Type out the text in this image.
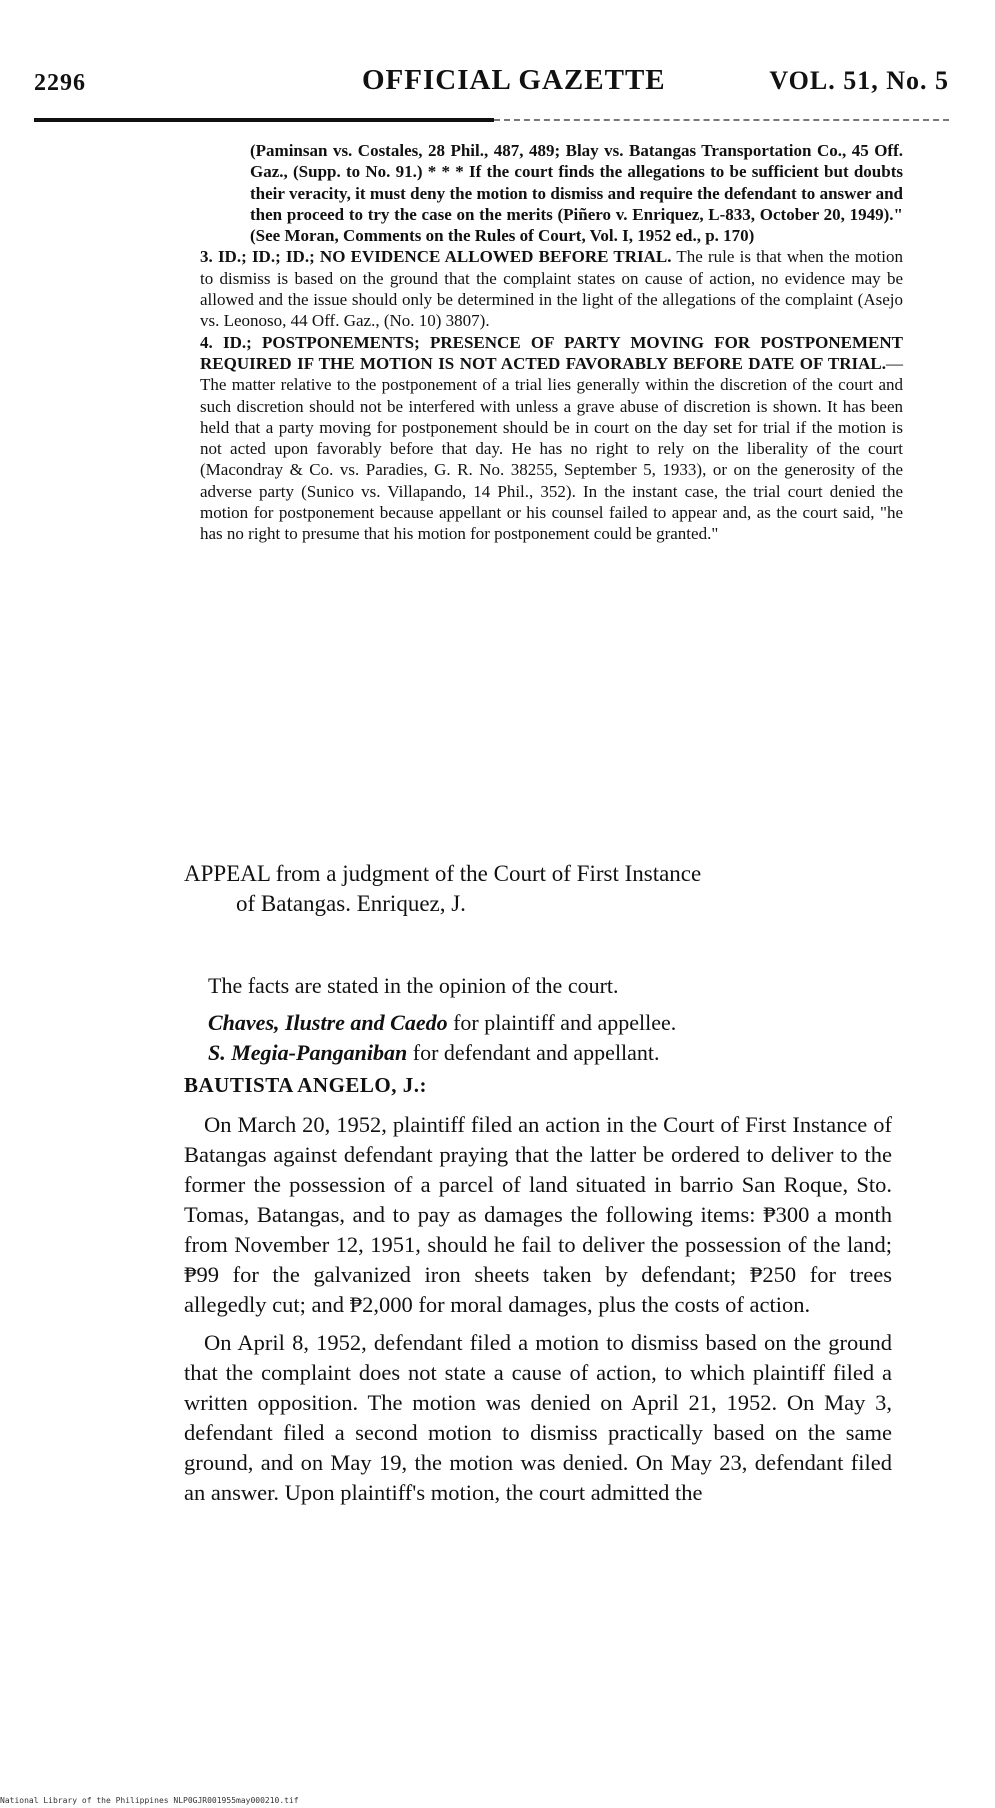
2296	OFFICIAL GAZETTE	VOL. 51, No. 5

(Paminsan vs. Costales, 28 Phil., 487, 489; Blay vs. Batangas Transportation Co., 45 Off. Gaz., (Supp. to No. 91.) * * * If the court finds the allegations to be sufficient but doubts their veracity, it must deny the motion to dismiss and require the defendant to answer and then proceed to try the case on the merits (Piñero v. Enriquez, L-833, October 20, 1949)." (See Moran, Comments on the Rules of Court, Vol. I, 1952 ed., p. 170)

3. ID.; ID.; ID.; NO EVIDENCE ALLOWED BEFORE TRIAL. The rule is that when the motion to dismiss is based on the ground that the complaint states on cause of action, no evidence may be allowed and the issue should only be determined in the light of the allegations of the complaint (Asejo vs. Leonoso, 44 Off. Gaz., (No. 10) 3807).

4. ID.; POSTPONEMENTS; PRESENCE OF PARTY MOVING FOR POSTPONEMENT REQUIRED IF THE MOTION IS NOT ACTED FAVORABLY BEFORE DATE OF TRIAL.—The matter relative to the postponement of a trial lies generally within the discretion of the court and such discretion should not be interfered with unless a grave abuse of discretion is shown. It has been held that a party moving for postponement should be in court on the day set for trial if the motion is not acted upon favorably before that day. He has no right to rely on the liberality of the court (Macondray & Co. vs. Paradies, G. R. No. 38255, September 5, 1933), or on the generosity of the adverse party (Sunico vs. Villapando, 14 Phil., 352). In the instant case, the trial court denied the motion for postponement because appellant or his counsel failed to appear and, as the court said, "he has no right to presume that his motion for postponement could be granted."

APPEAL from a judgment of the Court of First Instance
of Batangas. Enriquez, J.
The facts are stated in the opinion of the court.
Chaves, Ilustre and Caedo for plaintiff and appellee.
S. Megia-Panganiban for defendant and appellant.
BAUTISTA ANGELO, J.:

On March 20, 1952, plaintiff filed an action in the Court of First Instance of Batangas against defendant praying that the latter be ordered to deliver to the former the possession of a parcel of land situated in barrio San Roque, Sto. Tomas, Batangas, and to pay as damages the following items: ₱300 a month from November 12, 1951, should he fail to deliver the possession of the land; ₱99 for the galvanized iron sheets taken by defendant; ₱250 for trees allegedly cut; and ₱2,000 for moral damages, plus the costs of action.

On April 8, 1952, defendant filed a motion to dismiss based on the ground that the complaint does not state a cause of action, to which plaintiff filed a written opposition. The motion was denied on April 21, 1952. On May 3, defendant filed a second motion to dismiss practically based on the same ground, and on May 19, the motion was denied. On May 23, defendant filed an answer. Upon plaintiff's motion, the court admitted the

National Library of the Philippines NLP0GJR001955may000210.tif
